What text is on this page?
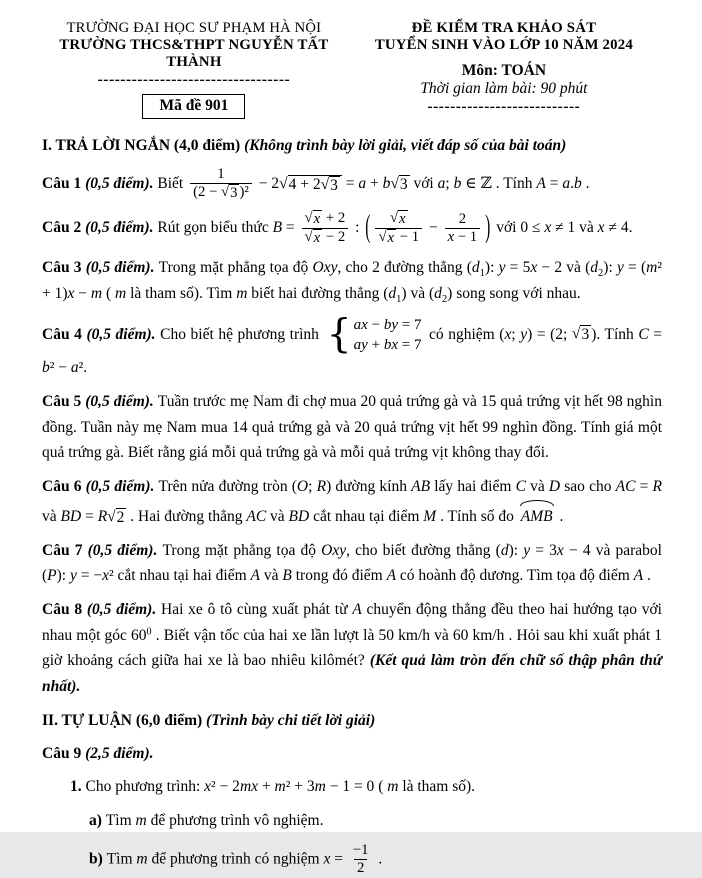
TRƯỜNG ĐẠI HỌC SƯ PHẠM HÀ NỘI
TRƯỜNG THCS&THPT NGUYỄN TẤT THÀNH
----------------------------------
Mã đề 901
ĐỀ KIỂM TRA KHẢO SÁT
TUYỂN SINH VÀO LỚP 10 NĂM 2024
Môn: TOÁN
Thời gian làm bài: 90 phút
---------------------------

I. TRẢ LỜI NGẮN (4,0 điểm) (Không trình bày lời giải, viết đáp số của bài toán)

Câu 1 (0,5 điểm). Biết $\frac{1}{\text{(2 − √ 3 )²}} - 2$ √ 4 + 2 √ 3 = a + b √ 3 với a; b ∈ ℤ . Tính A = a.b .

Câu 2 (0,5 điểm). Rút gọn biểu thức $B = \frac{√ x + 2}{√ x - 2}$ : ( $\frac{√ x}{√ x - 1} - \frac{2}{x - 1}$ ) với 0 ≤ x ≠ 1 và x ≠ 4.

Câu 3 (0,5 điểm). Trong mặt phẳng tọa độ Oxy, cho 2 đường thẳng $(d_1)$: y = 5x − 2 và $(d_2)$: y = (m² + 1)x − m ( m là tham số). Tìm m biết hai đường thẳng $(d_1)$ và $(d_2)$ song song với nhau.

Câu 4 (0,5 điểm). Cho biết hệ phương trình { ax − by = 7
ay + bx = 7
có nghiệm (x; y) = (2; √ 3 ). Tính C = b² − a².

Câu 5 (0,5 điểm). Tuần trước mẹ Nam đi chợ mua 20 quả trứng gà và 15 quả trứng vịt hết 98 nghìn đồng. Tuần này mẹ Nam mua 14 quả trứng gà và 20 quả trứng vịt hết 99 nghìn đồng. Tính giá một quả trứng gà. Biết rằng giá mỗi quả trứng gà và mỗi quả trứng vịt không thay đổi.

Câu 6 (0,5 điểm). Trên nửa đường tròn (O; R) đường kính AB lấy hai điểm C và D sao cho AC = R và BD = R √ 2 . Hai đường thẳng AC và BD cắt nhau tại điểm M . Tính số đo AMB .

Câu 7 (0,5 điểm). Trong mặt phẳng tọa độ Oxy, cho biết đường thẳng (d): y = 3x − 4 và parabol (P): y = −x² cắt nhau tại hai điểm A và B trong đó điểm A có hoành độ dương. Tìm tọa độ điểm A .

Câu 8 (0,5 điểm). Hai xe ô tô cùng xuất phát từ A chuyển động thẳng đều theo hai hướng tạo với nhau một góc $60^0$ . Biết vận tốc của hai xe lần lượt là 50 km/h và 60 km/h . Hỏi sau khi xuất phát 1 giờ khoảng cách giữa hai xe là bao nhiêu kilômét? (Kết quả làm tròn đến chữ số thập phân thứ nhất).

II. TỰ LUẬN (6,0 điểm) (Trình bày chi tiết lời giải)

Câu 9 (2,5 điểm).

1. Cho phương trình: x² − 2mx + m² + 3m − 1 = 0 ( m là tham số).

a) Tìm m để phương trình vô nghiệm.

b) Tìm m để phương trình có nghiệm $x = \frac{-1}{2}$ .
